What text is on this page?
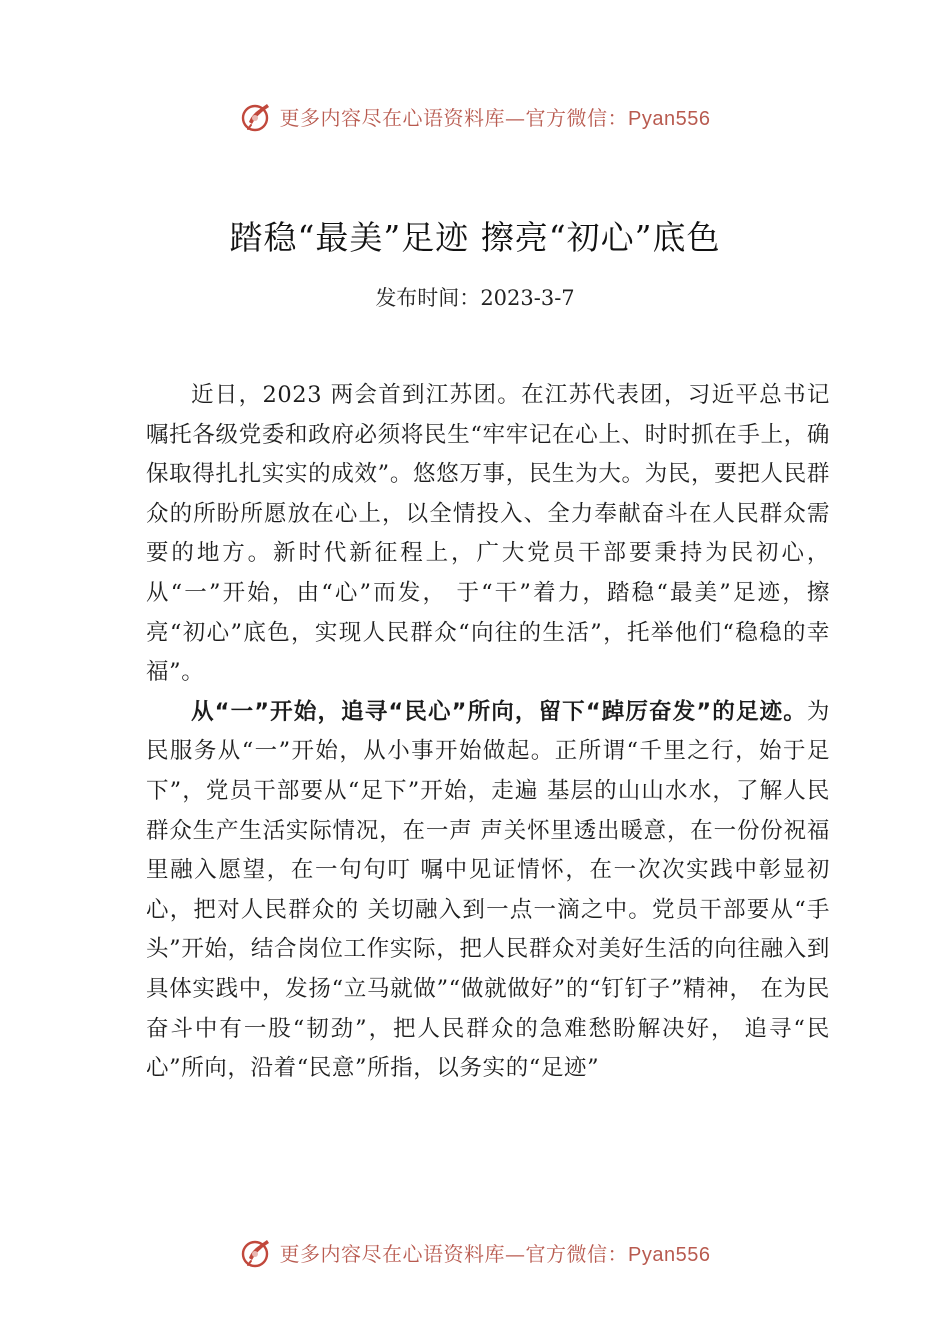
更多内容尽在心语资料库—官方微信：Pyan556
踏稳“最美”足迹 擦亮“初心”底色
发布时间：2023-3-7

近日，2023 两会首到江苏团。在江苏代表团，习近平总书记嘱托各级党委和政府必须将民生“牢牢记在心上、时时抓在手上，确保取得扎扎实实的成效”。悠悠万事，民生为大。为民，要把人民群众的所盼所愿放在心上，以全情投入、全力奉献奋斗在人民群众需要的地方。新时代新征程上，广大党员干部要秉持为民初心，从“一”开始，由“心”而发， 于“干”着力，踏稳“最美”足迹，擦亮“初心”底色，实现人民群众“向往的生活”，托举他们“稳稳的幸福”。

从“一”开始，追寻“民心”所向，留下“踔厉奋发”的足迹。为民服务从“一”开始，从小事开始做起。正所谓“千里之行，始于足下”，党员干部要从“足下”开始，走遍 基层的山山水水，了解人民群众生产生活实际情况，在一声 声关怀里透出暖意，在一份份祝福里融入愿望，在一句句叮 嘱中见证情怀，在一次次实践中彰显初心，把对人民群众的 关切融入到一点一滴之中。党员干部要从“手头”开始，结合岗位工作实际，把人民群众对美好生活的向往融入到具体实践中，发扬“立马就做”“做就做好”的“钉钉子”精神， 在为民奋斗中有一股“韧劲”，把人民群众的急难愁盼解决好， 追寻“民心”所向，沿着“民意”所指，以务实的“足迹”

更多内容尽在心语资料库—官方微信：Pyan556
